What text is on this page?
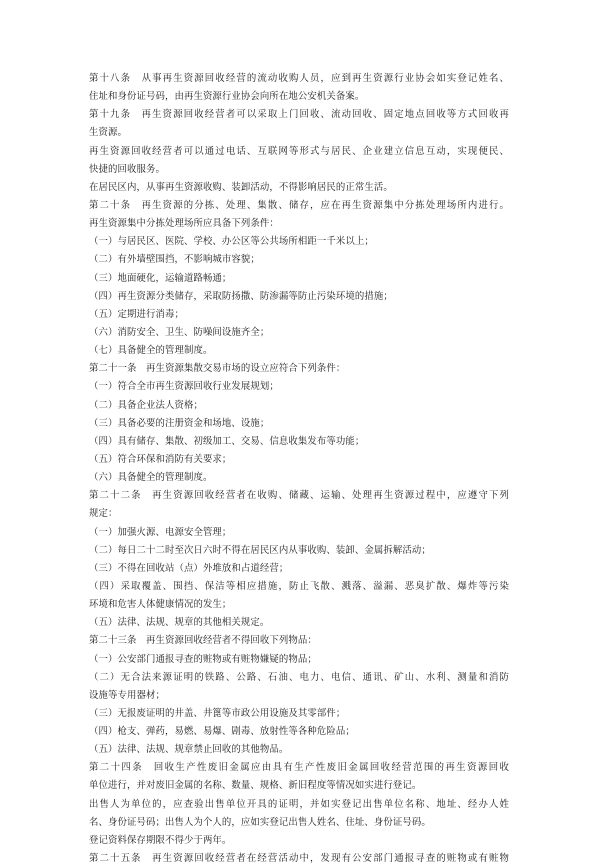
第十八条　从事再生资源回收经营的流动收购人员，应到再生资源行业协会如实登记姓名、
住址和身份证号码，由再生资源行业协会向所在地公安机关备案。
第十九条　再生资源回收经营者可以采取上门回收、流动回收、固定地点回收等方式回收再
生资源。
再生资源回收经营者可以通过电话、互联网等形式与居民、企业建立信息互动，实现便民、
快捷的回收服务。
在居民区内，从事再生资源收购、装卸活动，不得影响居民的正常生活。
第二十条　再生资源的分拣、处理、集散、储存，应在再生资源集中分拣处理场所内进行。
再生资源集中分拣处理场所应具备下列条件：
（一）与居民区、医院、学校、办公区等公共场所相距一千米以上；
（二）有外墙壁围挡，不影响城市容貌；
（三）地面硬化，运输道路畅通；
（四）再生资源分类储存，采取防扬撒、防渗漏等防止污染环境的措施；
（五）定期进行消毒；
（六）消防安全、卫生、防噪间设施齐全；
（七）具备健全的管理制度。
第二十一条　再生资源集散交易市场的设立应符合下列条件：
（一）符合全市再生资源回收行业发展规划；
（二）具备企业法人资格；
（三）具备必要的注册资金和场地、设施；
（四）具有储存、集散、初级加工、交易、信息收集发布等功能；
（五）符合环保和消防有关要求；
（六）具备健全的管理制度。
第二十二条　再生资源回收经营者在收购、储藏、运输、处理再生资源过程中，应遵守下列
规定：
（一）加强火源、电源安全管理；
（二）每日二十二时至次日六时不得在居民区内从事收购、装卸、金属拆解活动；
（三）不得在回收站（点）外堆放和占道经营；
（四）采取覆盖、围挡、保洁等相应措施，防止飞散、溅落、溢漏、恶臭扩散、爆炸等污染
环境和危害人体健康情况的发生；
（五）法律、法规、规章的其他相关规定。
第二十三条　再生资源回收经营者不得回收下列物品：
（一）公安部门通报寻查的赃物或有赃物嫌疑的物品；
（二）无合法来源证明的铁路、公路、石油、电力、电信、通讯、矿山、水利、测量和消防
设施等专用器材；
（三）无报废证明的井盖、井篦等市政公用设施及其零部件；
（四）枪支、弹药，易燃、易爆、剧毒、放射性等各种危险品；
（五）法律、法规、规章禁止回收的其他物品。
第二十四条　回收生产性废旧金属应由具有生产性废旧金属回收经营范围的再生资源回收
单位进行，并对废旧金属的名称、数量、规格、新旧程度等情况如实进行登记。
出售人为单位的，应查验出售单位开具的证明，并如实登记出售单位名称、地址、经办人姓
名、身份证号码；出售人为个人的，应如实登记出售人姓名、住址、身份证号码。
登记资料保存期限不得少于两年。
第二十五条　再生资源回收经营者在经营活动中，发现有公安部门通报寻查的赃物或有赃物
